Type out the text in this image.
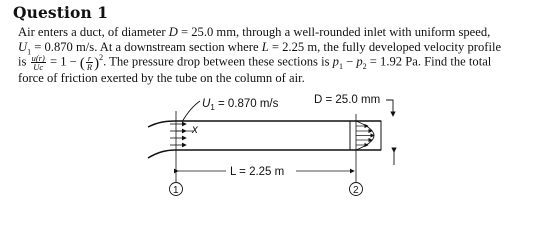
Question 1
Air enters a duct, of diameter D = 25.0 mm, through a well-rounded inlet with uniform speed,
$U_1 = 0.870$ m/s. At a downstream section where L = 2.25 m, the fully developed velocity profile
is $\frac{u(r)}{Uc} = 1$ − ( $\frac{r}{R} )^2$. The pressure drop between these sections is $p_1 - p_2 = 1.92$ Pa. Find the total
force of friction exerted by the tube on the column of air.
$U_1 = 0.870$ m/s	D = 25.0 mm
x
L = 2.25 m
1	2
